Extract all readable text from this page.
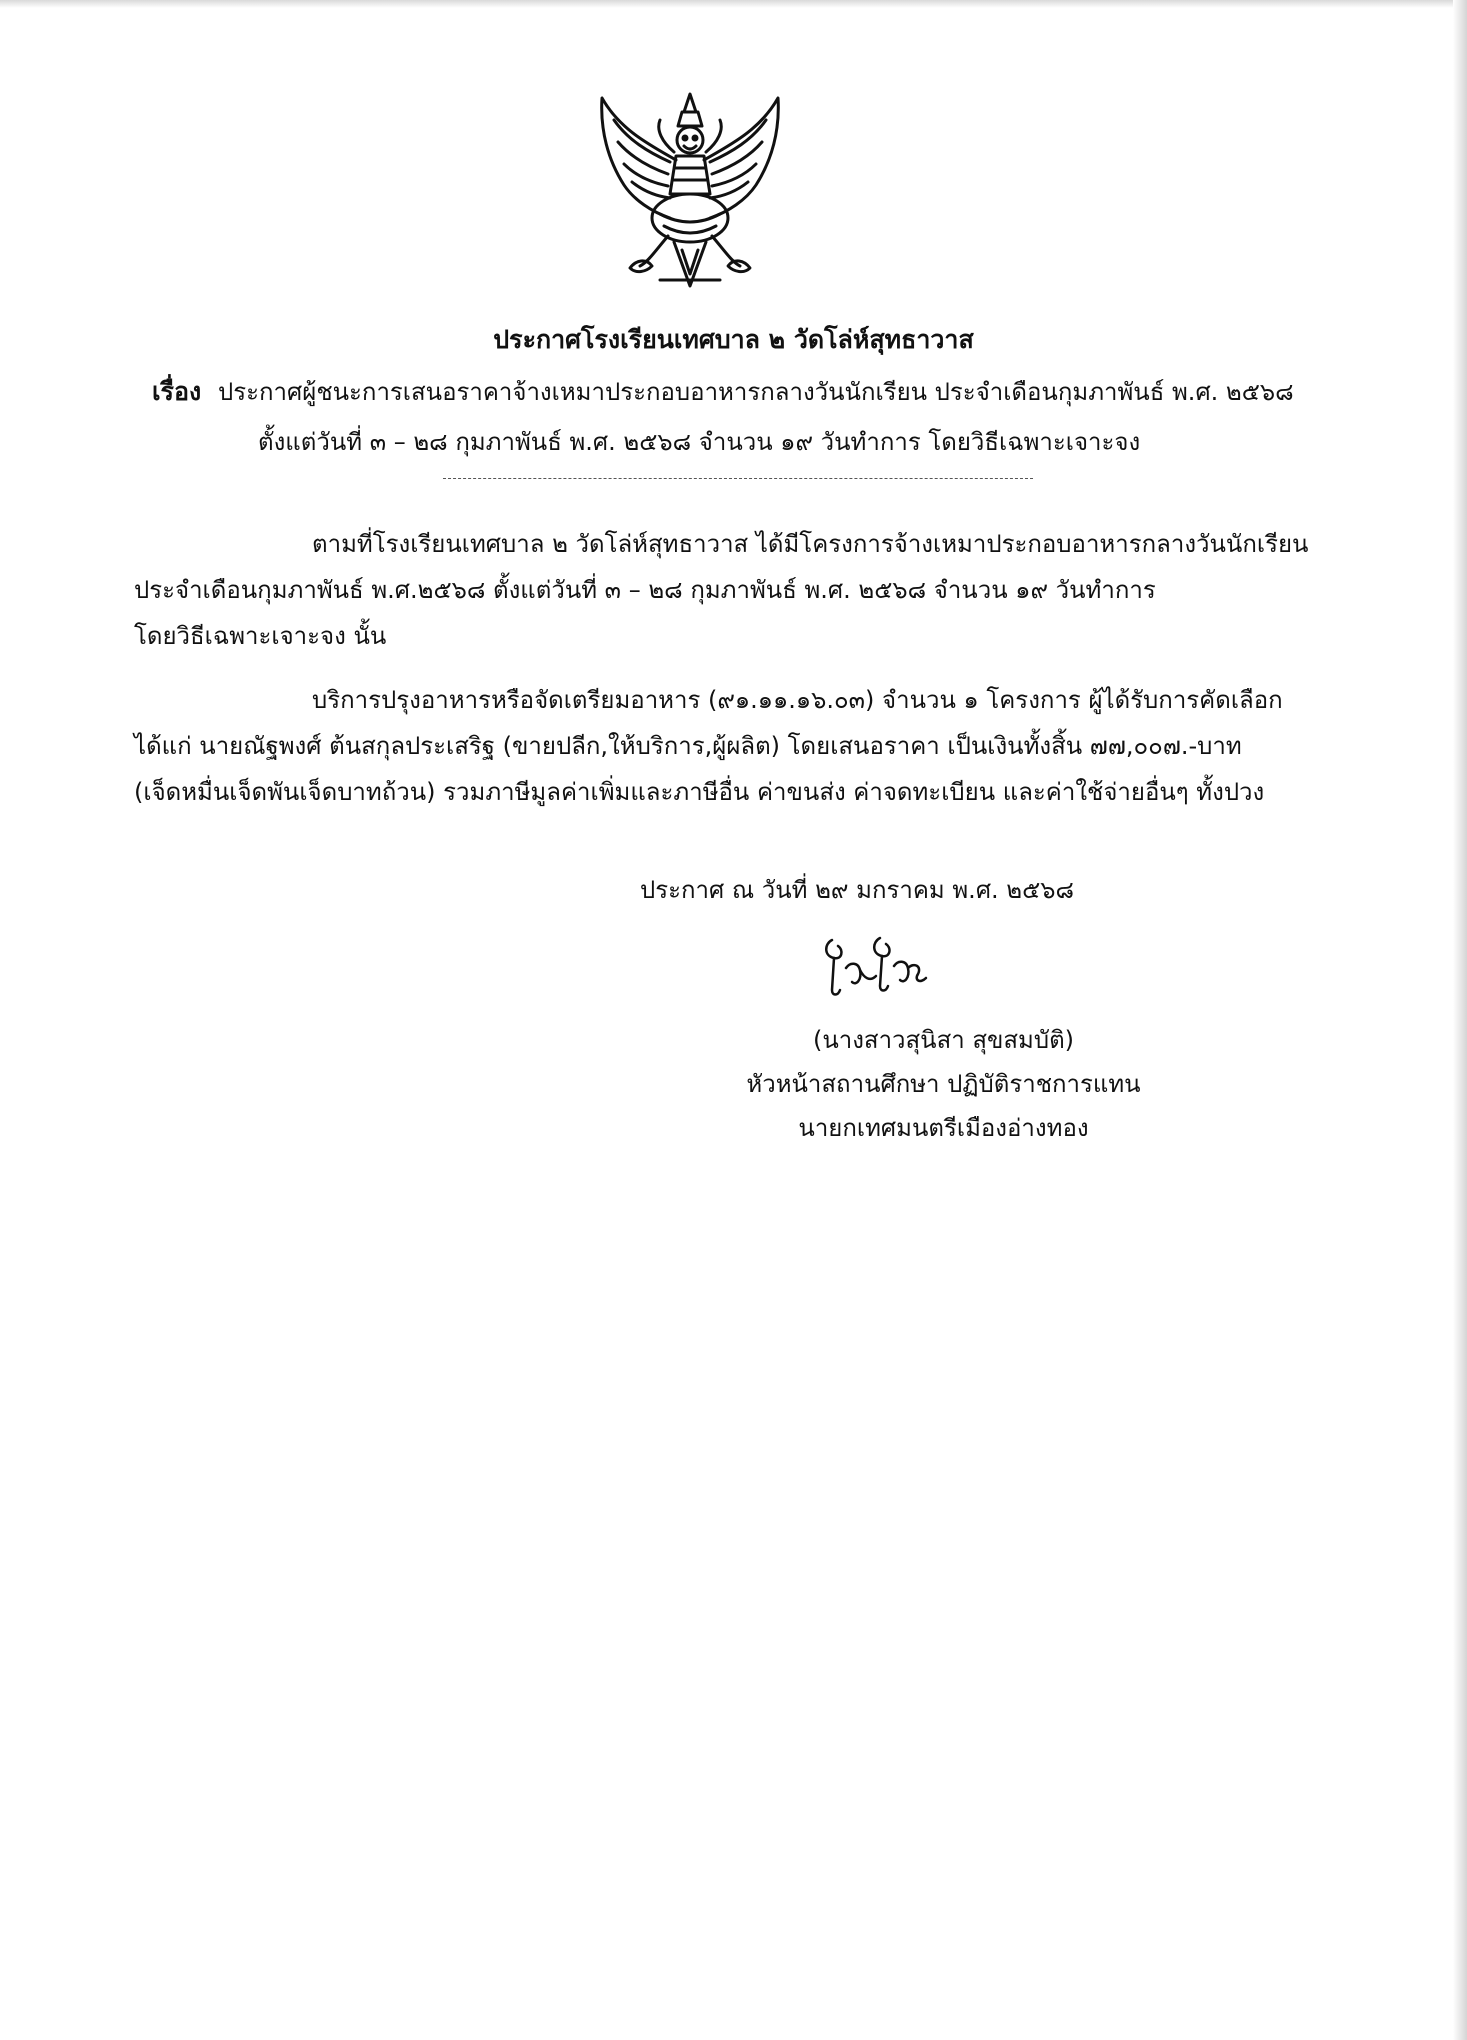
ประกาศโรงเรียนเทศบาล ๒ วัดโล่ห์สุทธาวาส
เรื่อง ประกาศผู้ชนะการเสนอราคาจ้างเหมาประกอบอาหารกลางวันนักเรียน ประจำเดือนกุมภาพันธ์ พ.ศ. ๒๕๖๘
ตั้งแต่วันที่ ๓ – ๒๘ กุมภาพันธ์ พ.ศ. ๒๕๖๘ จำนวน ๑๙ วันทำการ โดยวิธีเฉพาะเจาะจง
ตามที่โรงเรียนเทศบาล ๒ วัดโล่ห์สุทธาวาส ได้มีโครงการจ้างเหมาประกอบอาหารกลางวันนักเรียน
ประจำเดือนกุมภาพันธ์ พ.ศ.๒๕๖๘ ตั้งแต่วันที่ ๓ – ๒๘ กุมภาพันธ์ พ.ศ. ๒๕๖๘ จำนวน ๑๙ วันทำการ
โดยวิธีเฉพาะเจาะจง นั้น
บริการปรุงอาหารหรือจัดเตรียมอาหาร (๙๑.๑๑.๑๖.๐๓) จำนวน ๑ โครงการ ผู้ได้รับการคัดเลือก
ได้แก่ นายณัฐพงศ์ ต้นสกุลประเสริฐ (ขายปลีก,ให้บริการ,ผู้ผลิต) โดยเสนอราคา เป็นเงินทั้งสิ้น ๗๗,๐๐๗.-บาท
(เจ็ดหมื่นเจ็ดพันเจ็ดบาทถ้วน) รวมภาษีมูลค่าเพิ่มและภาษีอื่น ค่าขนส่ง ค่าจดทะเบียน และค่าใช้จ่ายอื่นๆ ทั้งปวง
ประกาศ ณ วันที่ ๒๙ มกราคม พ.ศ. ๒๕๖๘
(นางสาวสุนิสา สุขสมบัติ)
หัวหน้าสถานศึกษา ปฏิบัติราชการแทน
นายกเทศมนตรีเมืองอ่างทอง
